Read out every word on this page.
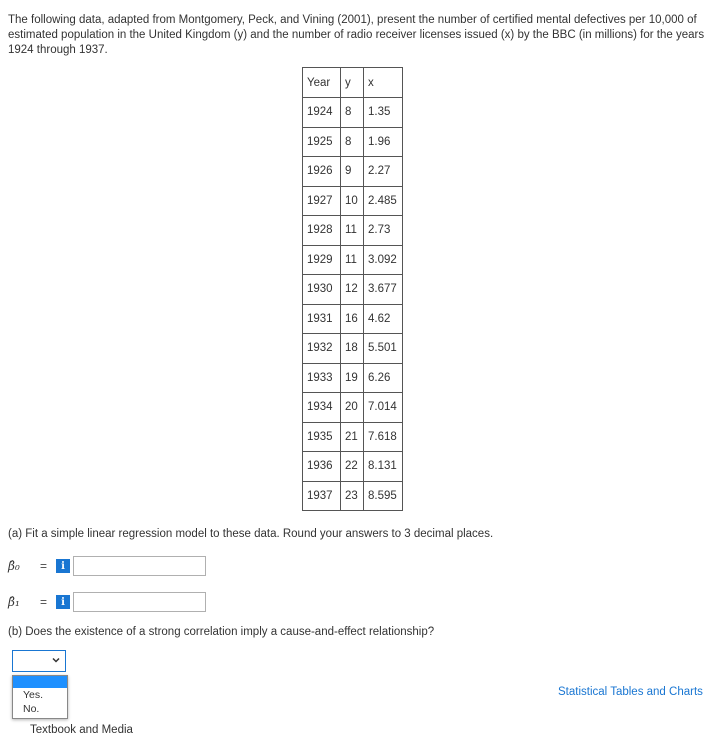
The following data, adapted from Montgomery, Peck, and Vining (2001), present the number of certified mental defectives per 10,000 of estimated population in the United Kingdom (y) and the number of radio receiver licenses issued (x) by the BBC (in millions) for the years 1924 through 1937.
Year	y	x
1924	8	1.35
1925	8	1.96
1926	9	2.27
1927	10	2.485
1928	11	2.73
1929	11	3.092
1930	12	3.677
1931	16	4.62
1932	18	5.501
1933	19	6.26
1934	20	7.014
1935	21	7.618
1936	22	8.131
1937	23	8.595
(a) Fit a simple linear regression model to these data. Round your answers to 3 decimal places.
β̂₀	=	i
β̂₁	=	i
(b) Does the existence of a strong correlation imply a cause-and-effect relationship?
Yes.
No.
Statistical Tables and Charts
Textbook and Media
